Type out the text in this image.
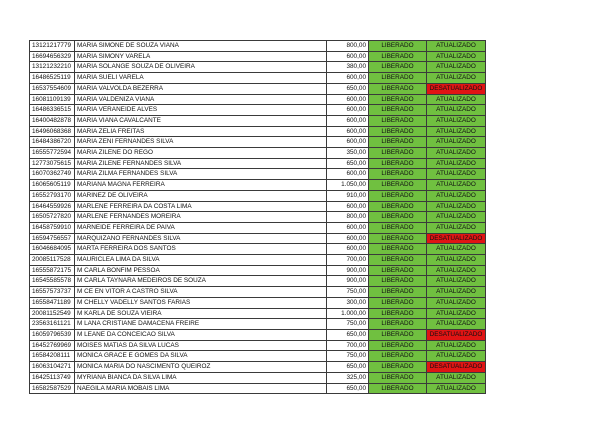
13121217779	MARIA SIMONE DE SOUZA VIANA	800,00	LIBERADO	ATUALIZADO
16694656329	MARIA SIMONY VARELA	600,00	LIBERADO	ATUALIZADO
13121232210	MARIA SOLANGE SOUZA DE OLIVEIRA	380,00	LIBERADO	ATUALIZADO
16486525119	MARIA SUELI VARELA	600,00	LIBERADO	ATUALIZADO
16537554609	MARIA VALVOLDA BEZERRA	650,00	LIBERADO	DESATUALIZADO
16081109139	MARIA VALDENIZA VIANA	600,00	LIBERADO	ATUALIZADO
16486336515	MARIA VERANEIDE ALVES	600,00	LIBERADO	ATUALIZADO
16400482878	MARIA VIANA CAVALCANTE	600,00	LIBERADO	ATUALIZADO
16496068368	MARIA ZELIA FREITAS	600,00	LIBERADO	ATUALIZADO
16484386720	MARIA ZENI FERNANDES SILVA	600,00	LIBERADO	ATUALIZADO
16555772594	MARIA ZILENE DO REGO	350,00	LIBERADO	ATUALIZADO
12773075615	MARIA ZILENE FERNANDES SILVA	650,00	LIBERADO	ATUALIZADO
16070362749	MARIA ZILMA FERNANDES SILVA	600,00	LIBERADO	ATUALIZADO
16065605119	MARIANA MAGNA FERREIRA	1.050,00	LIBERADO	ATUALIZADO
16552793170	MARINEZ DE OLIVEIRA	910,00	LIBERADO	ATUALIZADO
16464559926	MARLENE FERREIRA DA COSTA LIMA	600,00	LIBERADO	ATUALIZADO
16505727820	MARLENE FERNANDES MOREIRA	800,00	LIBERADO	ATUALIZADO
16458759910	MARNEIDE FERREIRA DE PAIVA	600,00	LIBERADO	ATUALIZADO
16594756557	MARQUIZANO FERNANDES SILVA	600,00	LIBERADO	DESATUALIZADO
16046684095	MARTA FERREIRA DOS SANTOS	600,00	LIBERADO	ATUALIZADO
20085117528	MAURICLEA LIMA DA SILVA	700,00	LIBERADO	ATUALIZADO
16555872175	M CARLA BONFIM PESSOA	900,00	LIBERADO	ATUALIZADO
16545585578	M CARLA TAYNARA MEDEIROS DE SOUZA	900,00	LIBERADO	ATUALIZADO
16557573737	M CE EN VITOR A CASTRO SILVA	750,00	LIBERADO	ATUALIZADO
16558471189	M CHELLY VADELLY SANTOS FARIAS	300,00	LIBERADO	ATUALIZADO
20081152549	M KARLA DE SOUZA VIEIRA	1.000,00	LIBERADO	ATUALIZADO
23563161121	M LANA CRISTIANE DAMACENA FREIRE	750,00	LIBERADO	ATUALIZADO
16059796539	M LEANE DA CONCEICAO SILVA	650,00	LIBERADO	DESATUALIZADO
16452769969	MOISES MATIAS DA SILVA LUCAS	700,00	LIBERADO	ATUALIZADO
16584208111	MONICA GRACE E GOMES DA SILVA	750,00	LIBERADO	ATUALIZADO
16063104271	MONICA MARIA DO NASCIMENTO QUEIROZ	650,00	LIBERADO	DESATUALIZADO
16425113749	MYRIANA BIANCA DA SILVA LIMA	325,00	LIBERADO	ATUALIZADO
16582587529	NAEGILA MARIA MOBAIS LIMA	650,00	LIBERADO	ATUALIZADO
